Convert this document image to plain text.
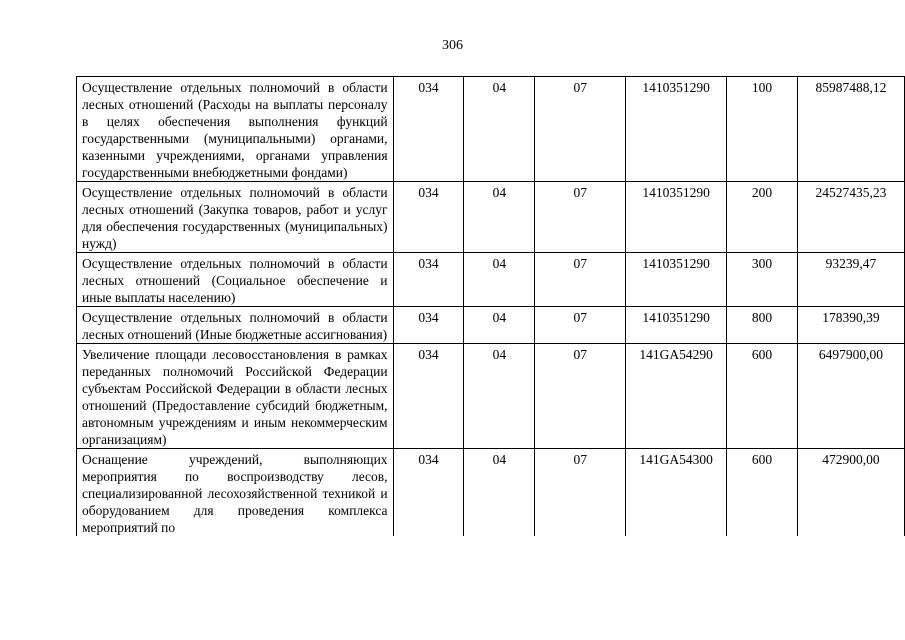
306
Осуществление отдельных полномочий в области лесных отношений (Расходы на выплаты персоналу в целях обеспечения выполнения функций государственными (муниципальными) органами, казенными учреждениями, органами управления государственными внебюджетными фондами)	034	04	07	1410351290	100	85987488,12
Осуществление отдельных полномочий в области лесных отношений (Закупка товаров, работ и услуг для обеспечения государственных (муниципальных) нужд)	034	04	07	1410351290	200	24527435,23
Осуществление отдельных полномочий в области лесных отношений (Социальное обеспечение и иные выплаты населению)	034	04	07	1410351290	300	93239,47
Осуществление отдельных полномочий в области лесных отношений (Иные бюджетные ассигнования)	034	04	07	1410351290	800	178390,39
Увеличение площади лесовосстановления в рамках переданных полномочий Российской Федерации субъектам Российской Федерации в области лесных отношений (Предоставление субсидий бюджетным, автономным учреждениям и иным некоммерческим организациям)	034	04	07	141GA54290	600	6497900,00
Оснащение учреждений, выполняющих мероприятия по воспроизводству лесов, специализированной лесохозяйственной техникой и оборудованием для проведения комплекса мероприятий по	034	04	07	141GA54300	600	472900,00
